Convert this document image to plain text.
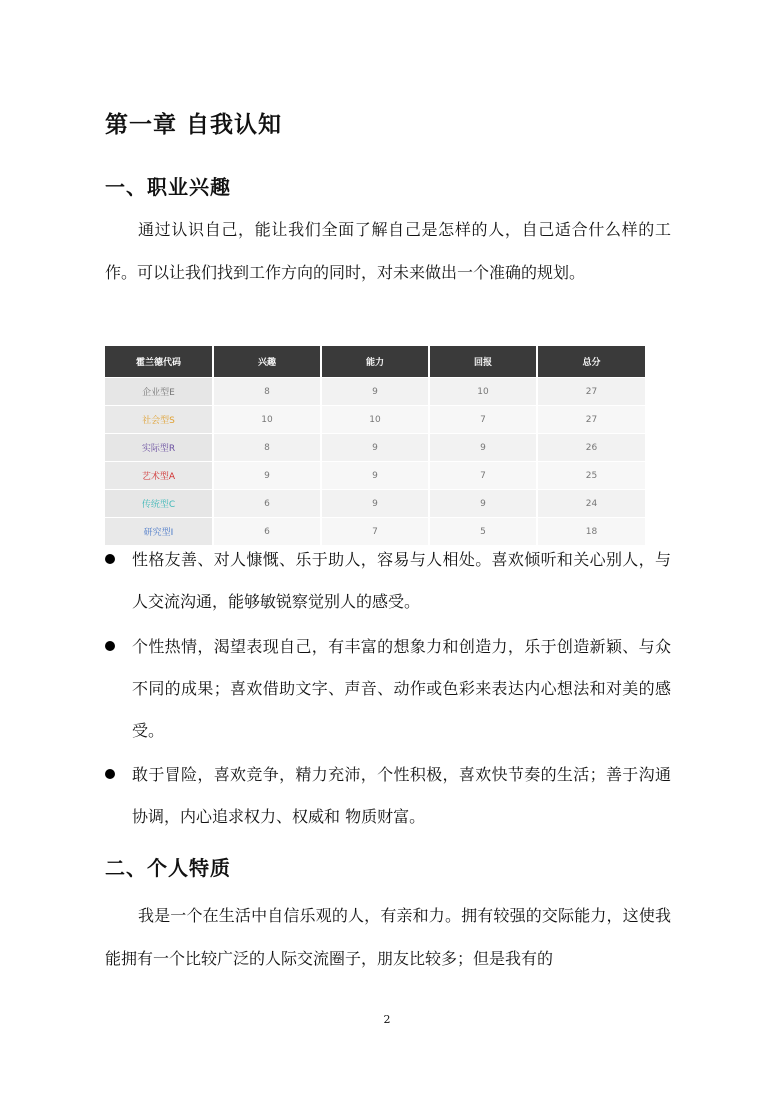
第一章 自我认知
一、职业兴趣

通过认识自己，能让我们全面了解自己是怎样的人，自己适合什么样的工作。可以让我们找到工作方向的同时，对未来做出一个准确的规划。

霍兰德代码	兴趣	能力	回报	总分
企业型E	8	9	10	27
社会型S	10	10	7	27
实际型R	8	9	9	26
艺术型A	9	9	7	25
传统型C	6	9	9	24
研究型I	6	7	5	18
性格友善、对人慷慨、乐于助人，容易与人相处。喜欢倾听和关心别人，与人交流沟通，能够敏锐察觉别人的感受。
个性热情，渴望表现自己，有丰富的想象力和创造力，乐于创造新颖、与众不同的成果；喜欢借助文字、声音、动作或色彩来表达内心想法和对美的感受。
敢于冒险，喜欢竞争，精力充沛，个性积极，喜欢快节奏的生活；善于沟通协调，内心追求权力、权威和 物质财富。
二、个人特质

我是一个在生活中自信乐观的人，有亲和力。拥有较强的交际能力，这使我能拥有一个比较广泛的人际交流圈子，朋友比较多；但是我有的

2
